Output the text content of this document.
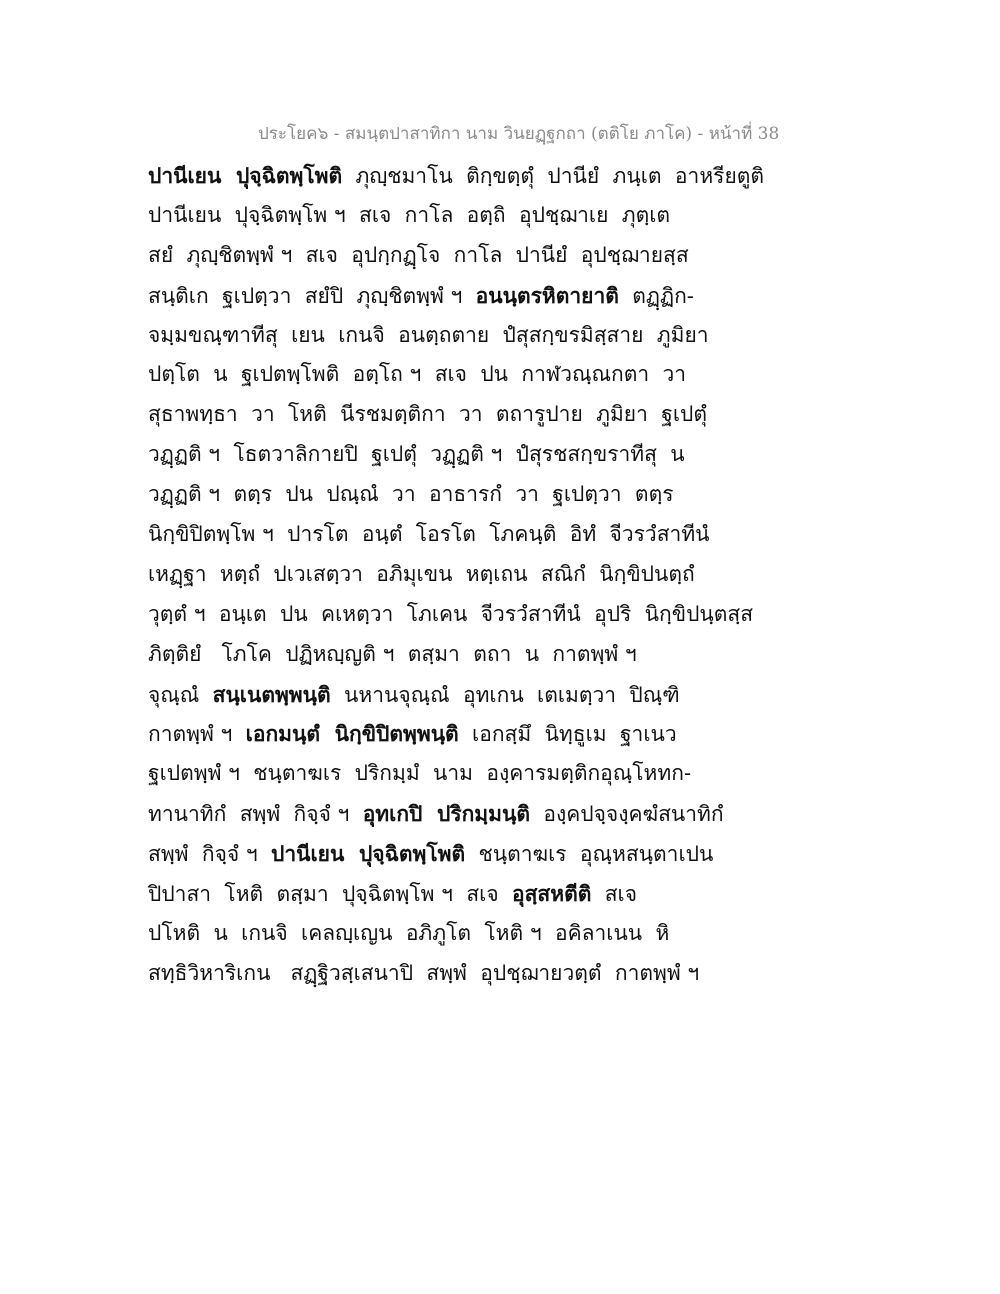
ประโยค๖ - สมนฺตปาสาทิกา นาม วินยฏฺฐกถา (ตติโย ภาโค) - หน้าที่ 38
ปานีเยน  ปุจฺฉิตพฺโพติ  ภุญฺชมาโน  ติกฺขตฺตุํ  ปานียํ  ภนฺเต  อาหรียตูติ
ปานีเยน  ปุจฺฉิตพฺโพ ฯ  สเจ  กาโล  อตฺถิ  อุปชฺฌาเย  ภุตฺเต
สยํ  ภุญฺชิตพฺพํ ฯ  สเจ  อุปกฺกฏฺโจ  กาโล  ปานียํ  อุปชฺฌายสฺส
สนฺติเก  ฐเปตฺวา  สยํปิ  ภุญฺชิตพฺพํ ฯ  อนนฺตรหิตายาติ  ตฏฺฏิก-
จมฺมขณฺฑาทีสุ  เยน  เกนจิ  อนตฺถตาย  ปํสุสกฺขรมิสฺสาย  ภูมิยา
ปตฺโต  น  ฐเปตพฺโพติ  อตฺโถ ฯ  สเจ  ปน  กาฬวณฺณกตา  วา
สุธาพทฺธา  วา  โหติ  นีรชมตฺติกา  วา  ตถารูปาย  ภูมิยา  ฐเปตุํ
วฏฺฏติ ฯ  โธตวาลิกายปิ  ฐเปตุํ  วฏฺฏติ ฯ  ปํสุรชสกฺขราทีสุ  น
วฏฺฏติ ฯ  ตตฺร  ปน  ปณฺณํ  วา  อาธารกํ  วา  ฐเปตฺวา  ตตฺร
นิกฺขิปิตพฺโพ ฯ  ปารโต  อนฺตํ  โอรโต  โภคนฺติ  อิทํ  จีวรวํสาทีนํ
เหฏฺฐา  หตฺถํ  ปเวเสตฺวา  อภิมุเขน  หตฺเถน  สณิกํ  นิกฺขิปนตฺถํ
วุตฺตํ ฯ  อนฺเต  ปน  คเหตฺวา  โภเคน  จีวรวํสาทีนํ  อุปริ  นิกฺขิปนฺตสฺส
ภิตฺติยํ   โภโค  ปฏิหญฺญติ ฯ  ตสฺมา  ตถา  น  กาตพฺพํ ฯ
จุณฺณํ  สนฺเนตพฺพนฺติ  นหานจุณฺณํ  อุทเกน  เตเมตฺวา  ปิณฺฑิ
กาตพฺพํ ฯ  เอกมนฺตํ  นิกฺขิปิตพฺพนฺติ  เอกสฺมึ  นิทฺธูเม  ฐาเนว
ฐเปตพฺพํ ฯ  ชนฺตาฆเร  ปริกมฺมํ  นาม  องฺคารมตฺติกอุณฺโหทก-
ทานาทิกํ  สพฺพํ  กิจฺจํ ฯ  อุทเกปิ  ปริกมฺมนฺติ  องฺคปจฺจงฺคฆํสนาทิกํ
สพฺพํ  กิจฺจํ ฯ  ปานีเยน  ปุจฺฉิตพฺโพติ  ชนฺตาฆเร  อุณฺหสนฺตาเปน
ปิปาสา  โหติ  ตสฺมา  ปุจฺฉิตพฺโพ ฯ  สเจ  อุสฺสหตีติ  สเจ
ปโหติ  น  เกนจิ  เคลญฺเญน  อภิภูโต  โหติ ฯ  อคิลาเนน  หิ
สทฺธิวิหาริเกน   สฏฺฐิวสฺเสนาปิ  สพฺพํ  อุปชฺฌายวตฺตํ  กาตพฺพํ ฯ
